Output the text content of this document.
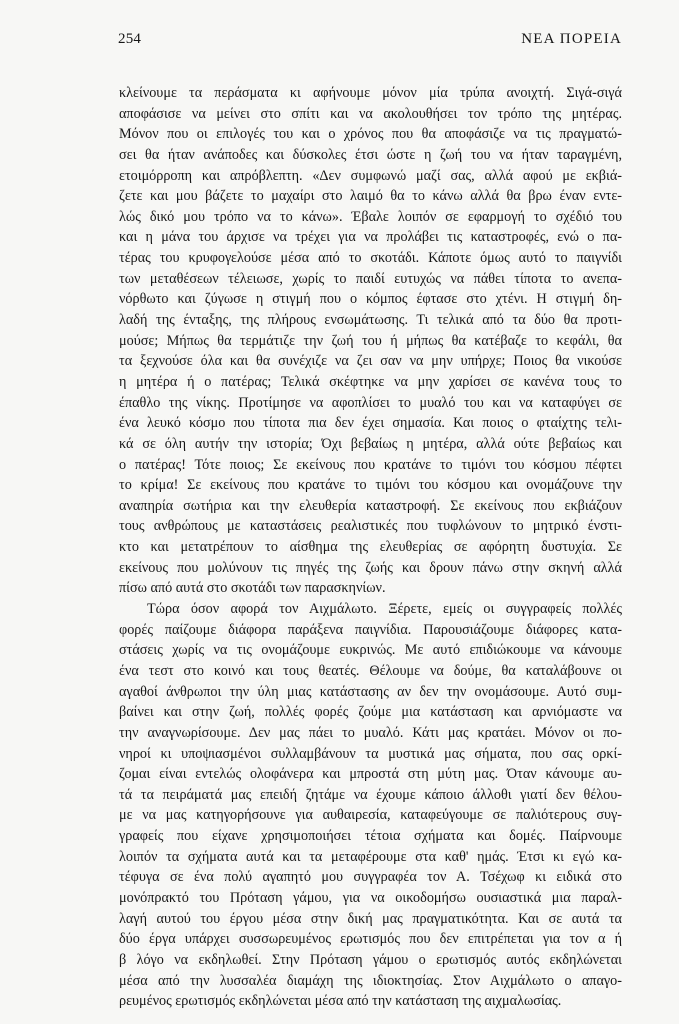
254	ΝΕΑ ΠΟΡΕΙΑ
κλείνουμε τα περάσματα κι αφήνουμε μόνον μία τρύπα ανοιχτή. Σιγά-σιγά
αποφάσισε να μείνει στο σπίτι και να ακολουθήσει τον τρόπο της μητέρας.
Μόνον που οι επιλογές του και ο χρόνος που θα αποφάσιζε να τις πραγματώ-
σει θα ήταν ανάποδες και δύσκολες έτσι ώστε η ζωή του να ήταν ταραγμένη,
ετοιμόρροπη και απρόβλεπτη. «Δεν συμφωνώ μαζί σας, αλλά αφού με εκβιά-
ζετε και μου βάζετε το μαχαίρι στο λαιμό θα το κάνω αλλά θα βρω έναν εντε-
λώς δικό μου τρόπο να το κάνω». Έβαλε λοιπόν σε εφαρμογή το σχέδιό του
και η μάνα του άρχισε να τρέχει για να προλάβει τις καταστροφές, ενώ ο πα-
τέρας του κρυφογελούσε μέσα από το σκοτάδι. Κάποτε όμως αυτό το παιγνίδι
των μεταθέσεων τέλειωσε, χωρίς το παιδί ευτυχώς να πάθει τίποτα το ανεπα-
νόρθωτο και ζύγωσε η στιγμή που ο κόμπος έφτασε στο χτένι. Η στιγμή δη-
λαδή της ένταξης, της πλήρους ενσωμάτωσης. Τι τελικά από τα δύο θα προτι-
μούσε; Μήπως θα τερμάτιζε την ζωή του ή μήπως θα κατέβαζε το κεφάλι, θα
τα ξεχνούσε όλα και θα συνέχιζε να ζει σαν να μην υπήρχε; Ποιος θα νικούσε
η μητέρα ή ο πατέρας; Τελικά σκέφτηκε να μην χαρίσει σε κανένα τους το
έπαθλο της νίκης. Προτίμησε να αφοπλίσει το μυαλό του και να καταφύγει σε
ένα λευκό κόσμο που τίποτα πια δεν έχει σημασία. Και ποιος ο φταίχτης τελι-
κά σε όλη αυτήν την ιστορία; Όχι βεβαίως η μητέρα, αλλά ούτε βεβαίως και
ο πατέρας! Τότε ποιος; Σε εκείνους που κρατάνε το τιμόνι του κόσμου πέφτει
το κρίμα! Σε εκείνους που κρατάνε το τιμόνι του κόσμου και ονομάζουνε την
αναπηρία σωτήρια και την ελευθερία καταστροφή. Σε εκείνους που εκβιάζουν
τους ανθρώπους με καταστάσεις ρεαλιστικές που τυφλώνουν το μητρικό ένστι-
κτο και μετατρέπουν το αίσθημα της ελευθερίας σε αφόρητη δυστυχία. Σε
εκείνους που μολύνουν τις πηγές της ζωής και δρουν πάνω στην σκηνή αλλά
πίσω από αυτά στο σκοτάδι των παρασκηνίων.
Τώρα όσον αφορά τον Αιχμάλωτο. Ξέρετε, εμείς οι συγγραφείς πολλές
φορές παίζουμε διάφορα παράξενα παιγνίδια. Παρουσιάζουμε διάφορες κατα-
στάσεις χωρίς να τις ονομάζουμε ευκρινώς. Με αυτό επιδιώκουμε να κάνουμε
ένα τεστ στο κοινό και τους θεατές. Θέλουμε να δούμε, θα καταλάβουνε οι
αγαθοί άνθρωποι την ύλη μιας κατάστασης αν δεν την ονομάσουμε. Αυτό συμ-
βαίνει και στην ζωή, πολλές φορές ζούμε μια κατάσταση και αρνιόμαστε να
την αναγνωρίσουμε. Δεν μας πάει το μυαλό. Κάτι μας κρατάει. Μόνον οι πο-
νηροί κι υποψιασμένοι συλλαμβάνουν τα μυστικά μας σήματα, που σας ορκί-
ζομαι είναι εντελώς ολοφάνερα και μπροστά στη μύτη μας. Όταν κάνουμε αυ-
τά τα πειράματά μας επειδή ζητάμε να έχουμε κάποιο άλλοθι γιατί δεν θέλου-
με να μας κατηγορήσουνε για αυθαιρεσία, καταφεύγουμε σε παλιότερους συγ-
γραφείς που είχανε χρησιμοποιήσει τέτοια σχήματα και δομές. Παίρνουμε
λοιπόν τα σχήματα αυτά και τα μεταφέρουμε στα καθ' ημάς. Έτσι κι εγώ κα-
τέφυγα σε ένα πολύ αγαπητό μου συγγραφέα τον Α. Τσέχωφ κι ειδικά στο
μονόπρακτό του Πρόταση γάμου, για να οικοδομήσω ουσιαστικά μια παραλ-
λαγή αυτού του έργου μέσα στην δική μας πραγματικότητα. Και σε αυτά τα
δύο έργα υπάρχει συσσωρευμένος ερωτισμός που δεν επιτρέπεται για τον α ή
β λόγο να εκδηλωθεί. Στην Πρόταση γάμου ο ερωτισμός αυτός εκδηλώνεται
μέσα από την λυσσαλέα διαμάχη της ιδιοκτησίας. Στον Αιχμάλωτο ο απαγο-
ρευμένος ερωτισμός εκδηλώνεται μέσα από την κατάσταση της αιχμαλωσίας.
